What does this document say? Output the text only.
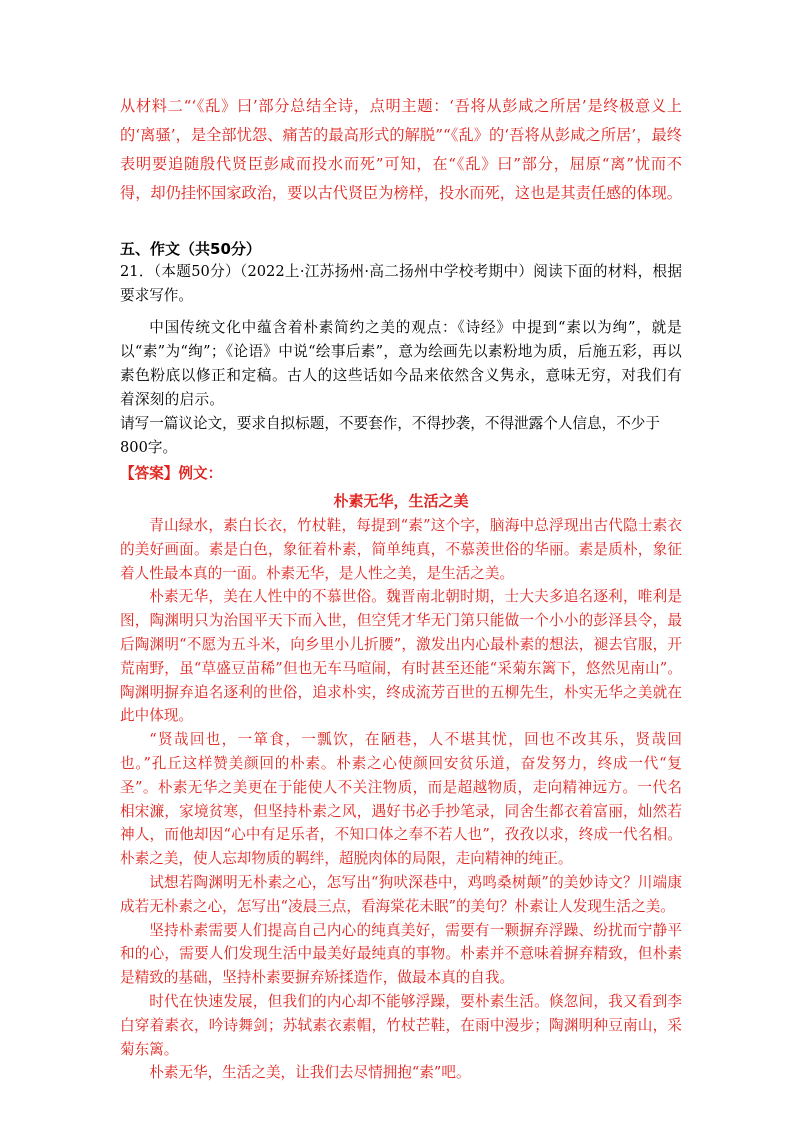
从材料二“‘《乱》曰’部分总结全诗，点明主题：‘吾将从彭咸之所居’是终极意义上的‘离骚’，是全部忧怨、痛苦的最高形式的解脱”“《乱》的‘吾将从彭咸之所居’，最终表明要追随殷代贤臣彭咸而投水而死”可知，在“《乱》曰”部分，屈原“离”忧而不得，却仍挂怀国家政治，要以古代贤臣为榜样，投水而死，这也是其责任感的体现。

五、作文（共50分）

21．（本题50分）（2022上·江苏扬州·高二扬州中学校考期中）阅读下面的材料，根据要求写作。

中国传统文化中蕴含着朴素简约之美的观点：《诗经》中提到“素以为绚”，就是以“素”为“绚”；《论语》中说“绘事后素”，意为绘画先以素粉地为质，后施五彩，再以素色粉底以修正和定稿。古人的这些话如今品来依然含义隽永，意味无穷，对我们有着深刻的启示。

请写一篇议论文，要求自拟标题，不要套作，不得抄袭，不得泄露个人信息，不少于800字。

【答案】例文：

朴素无华，生活之美

青山绿水，素白长衣，竹杖鞋，每提到“素”这个字，脑海中总浮现出古代隐士素衣的美好画面。素是白色，象征着朴素，简单纯真，不慕羡世俗的华丽。素是质朴，象征着人性最本真的一面。朴素无华，是人性之美，是生活之美。

朴素无华，美在人性中的不慕世俗。魏晋南北朝时期，士大夫多追名逐利，唯利是图，陶渊明只为治国平天下而入世，但空凭才华无门第只能做一个小小的彭泽县令，最后陶渊明“不愿为五斗米，向乡里小儿折腰”，激发出内心最朴素的想法，褪去官服，开荒南野，虽“草盛豆苗稀”但也无车马喧闹，有时甚至还能“采菊东篱下，悠然见南山”。陶渊明摒弃追名逐利的世俗，追求朴实，终成流芳百世的五柳先生，朴实无华之美就在此中体现。

“贤哉回也，一箪食，一瓢饮，在陋巷，人不堪其忧，回也不改其乐，贤哉回也。”孔丘这样赞美颜回的朴素。朴素之心使颜回安贫乐道，奋发努力，终成一代“复圣”。朴素无华之美更在于能使人不关注物质，而是超越物质，走向精神远方。一代名相宋濂，家境贫寒，但坚持朴素之风，遇好书必手抄笔录，同舍生都衣着富丽，灿然若神人，而他却因“心中有足乐者，不知口体之奉不若人也”，孜孜以求，终成一代名相。朴素之美，使人忘却物质的羁绊，超脱肉体的局限，走向精神的纯正。

试想若陶渊明无朴素之心，怎写出“狗吠深巷中，鸡鸣桑树颠”的美妙诗文？川端康成若无朴素之心，怎写出“凌晨三点，看海棠花未眠”的美句？朴素让人发现生活之美。

坚持朴素需要人们提高自己内心的纯真美好，需要有一颗摒弃浮躁、纷扰而宁静平和的心，需要人们发现生活中最美好最纯真的事物。朴素并不意味着摒弃精致，但朴素是精致的基础，坚持朴素要摒弃矫揉造作，做最本真的自我。

时代在快速发展，但我们的内心却不能够浮躁，要朴素生活。倏忽间，我又看到李白穿着素衣，吟诗舞剑；苏轼素衣素帽，竹杖芒鞋，在雨中漫步；陶渊明种豆南山，采菊东篱。

朴素无华，生活之美，让我们去尽情拥抱“素”吧。
